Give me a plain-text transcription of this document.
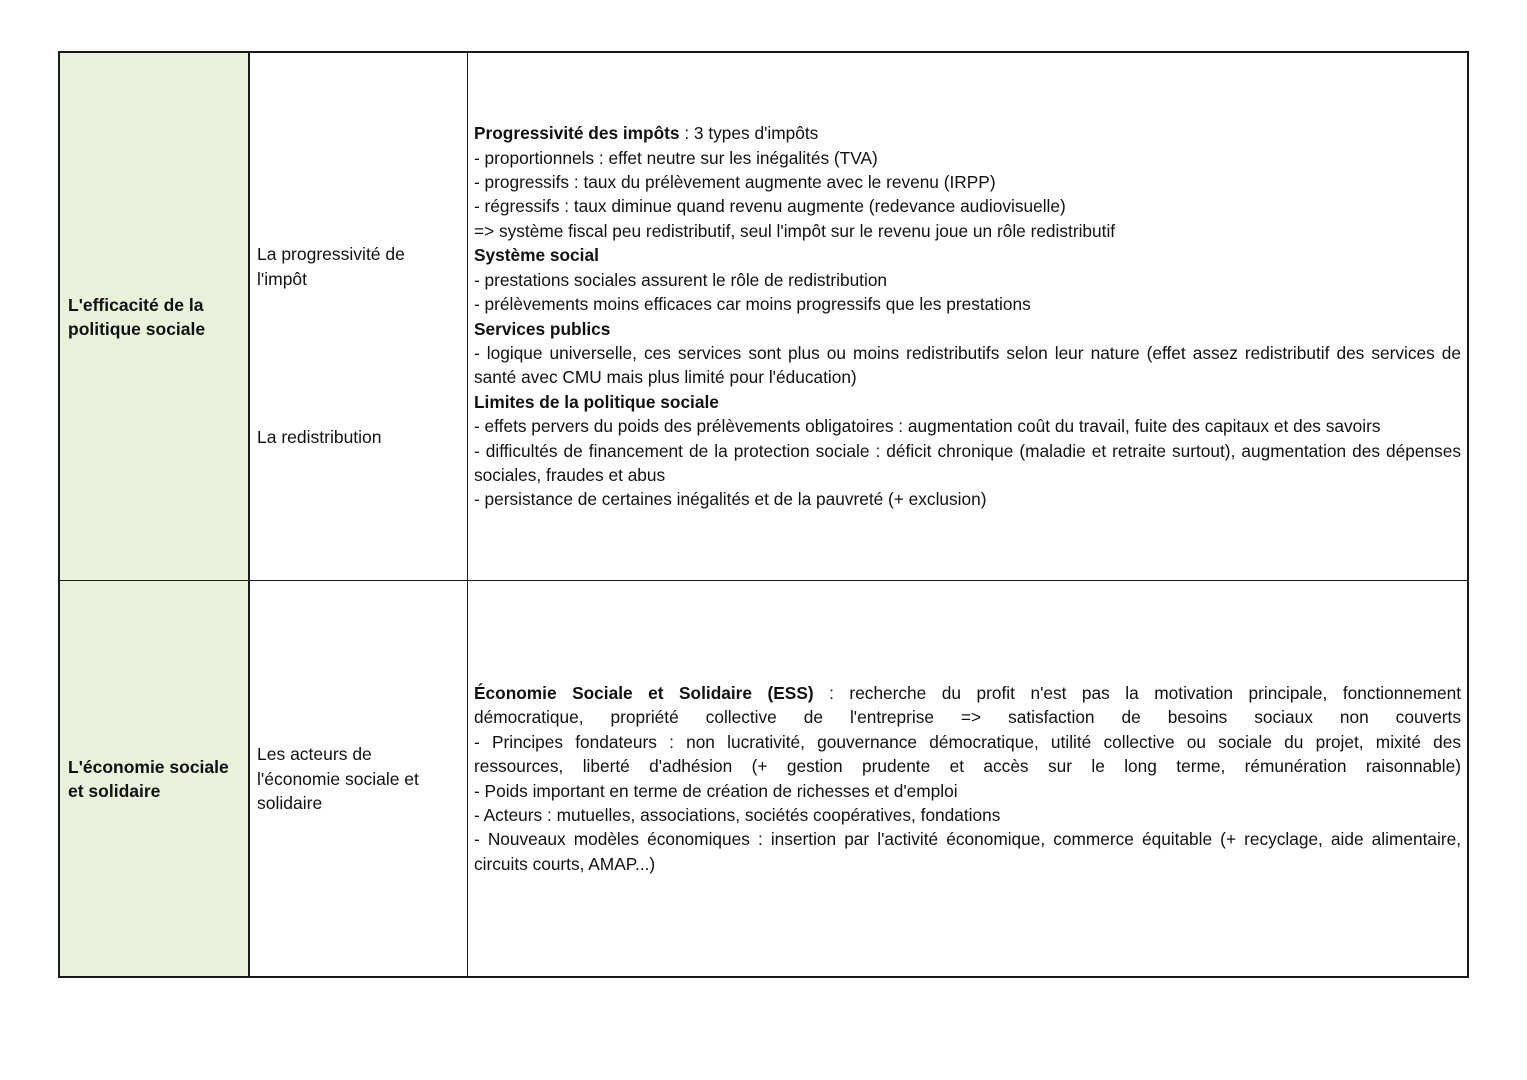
L'efficacité de la politique sociale
La progressivité de l'impôt
La redistribution
Progressivité des impôts : 3 types d'impôts
- proportionnels : effet neutre sur les inégalités (TVA)
- progressifs : taux du prélèvement augmente avec le revenu (IRPP)
- régressifs : taux diminue quand revenu augmente (redevance audiovisuelle)
=> système fiscal peu redistributif, seul l'impôt sur le revenu joue un rôle redistributif
Système social
- prestations sociales assurent le rôle de redistribution
- prélèvements moins efficaces car moins progressifs que les prestations
Services publics
- logique universelle, ces services sont plus ou moins redistributifs selon leur nature (effet assez redistributif des services de santé avec CMU mais plus limité pour l'éducation)
Limites de la politique sociale
- effets pervers du poids des prélèvements obligatoires : augmentation coût du travail, fuite des capitaux et des savoirs
- difficultés de financement de la protection sociale : déficit chronique (maladie et retraite surtout), augmentation des dépenses sociales, fraudes et abus
- persistance de certaines inégalités et de la pauvreté (+ exclusion)
L'économie sociale et solidaire
Les acteurs de l'économie sociale et solidaire
Économie Sociale et Solidaire (ESS) : recherche du profit n'est pas la motivation principale, fonctionnement
démocratique, propriété collective de l'entreprise => satisfaction de besoins sociaux non couverts
- Principes fondateurs : non lucrativité, gouvernance démocratique, utilité collective ou sociale du projet, mixité des
ressources, liberté d'adhésion (+ gestion prudente et accès sur le long terme, rémunération raisonnable)
- Poids important en terme de création de richesses et d'emploi
- Acteurs : mutuelles, associations, sociétés coopératives, fondations
- Nouveaux modèles économiques : insertion par l'activité économique, commerce équitable (+ recyclage, aide alimentaire, circuits courts, AMAP...)
